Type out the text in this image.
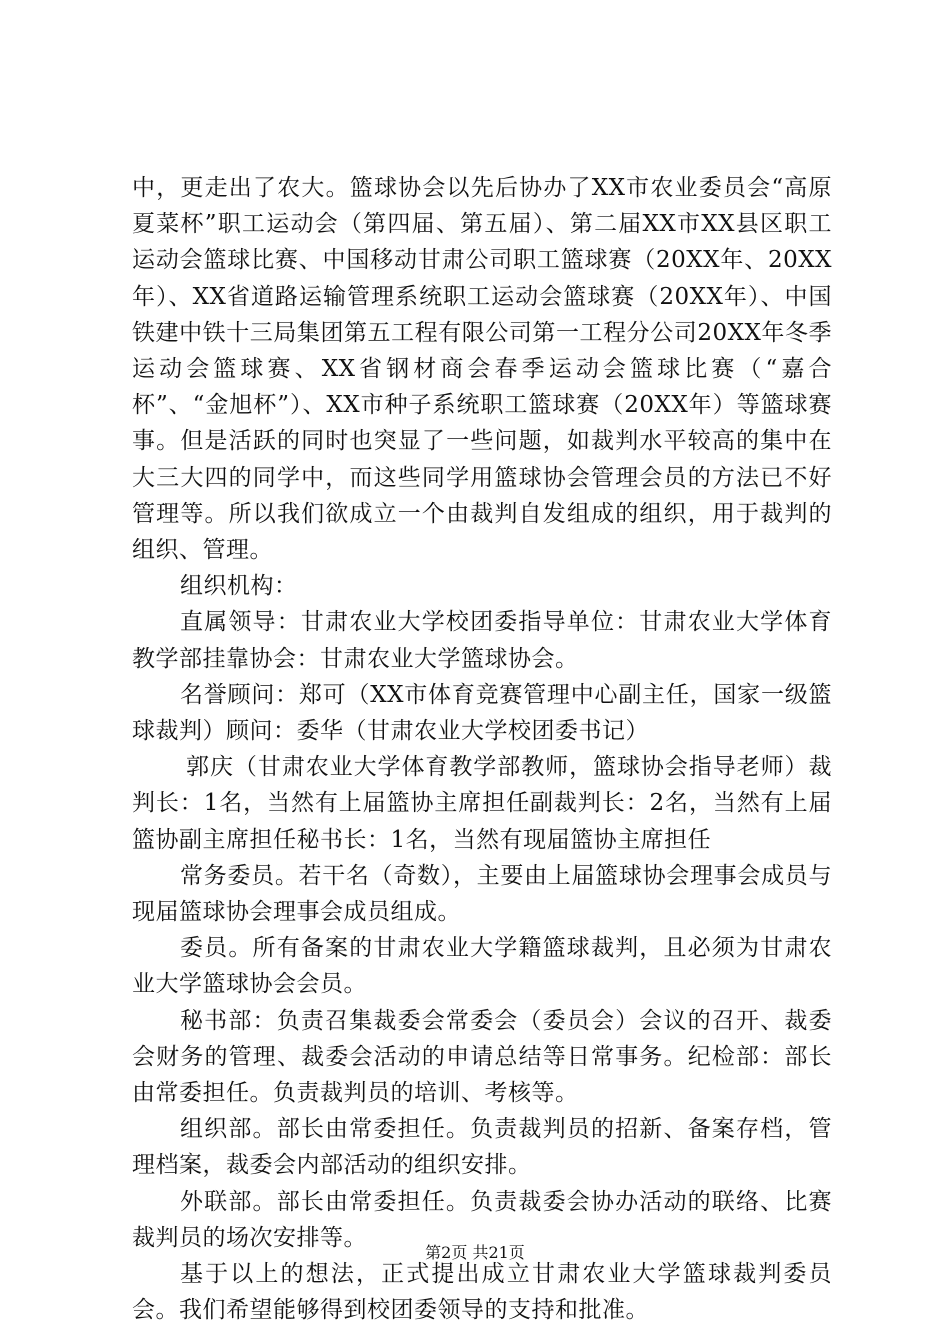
中，更走出了农大。篮球协会以先后协办了XX市农业委员会“高原夏菜杯”职工运动会（第四届、第五届）、第二届XX市XX县区职工运动会篮球比赛、中国移动甘肃公司职工篮球赛（20XX年、20XX年）、XX省道路运输管理系统职工运动会篮球赛（20XX年）、中国铁建中铁十三局集团第五工程有限公司第一工程分公司20XX年冬季运动会篮球赛、XX省钢材商会春季运动会篮球比赛（“嘉合杯”、“金旭杯”）、XX市种子系统职工篮球赛（20XX年）等篮球赛事。但是活跃的同时也突显了一些问题，如裁判水平较高的集中在大三大四的同学中，而这些同学用篮球协会管理会员的方法已不好管理等。所以我们欲成立一个由裁判自发组成的组织，用于裁判的组织、管理。

组织机构：

直属领导：甘肃农业大学校团委指导单位：甘肃农业大学体育教学部挂靠协会：甘肃农业大学篮球协会。

名誉顾问：郑可（XX市体育竞赛管理中心副主任，国家一级篮球裁判）顾问：委华（甘肃农业大学校团委书记）

郭庆（甘肃农业大学体育教学部教师，篮球协会指导老师）裁判长：1名，当然有上届篮协主席担任副裁判长：2名，当然有上届篮协副主席担任秘书长：1名，当然有现届篮协主席担任

常务委员。若干名（奇数），主要由上届篮球协会理事会成员与现届篮球协会理事会成员组成。

委员。所有备案的甘肃农业大学籍篮球裁判，且必须为甘肃农业大学篮球协会会员。

秘书部：负责召集裁委会常委会（委员会）会议的召开、裁委会财务的管理、裁委会活动的申请总结等日常事务。纪检部：部长由常委担任。负责裁判员的培训、考核等。

组织部。部长由常委担任。负责裁判员的招新、备案存档，管理档案，裁委会内部活动的组织安排。

外联部。部长由常委担任。负责裁委会协办活动的联络、比赛裁判员的场次安排等。

基于以上的想法，正式提出成立甘肃农业大学篮球裁判委员会。我们希望能够得到校团委领导的支持和批准。

第2页 共21页
